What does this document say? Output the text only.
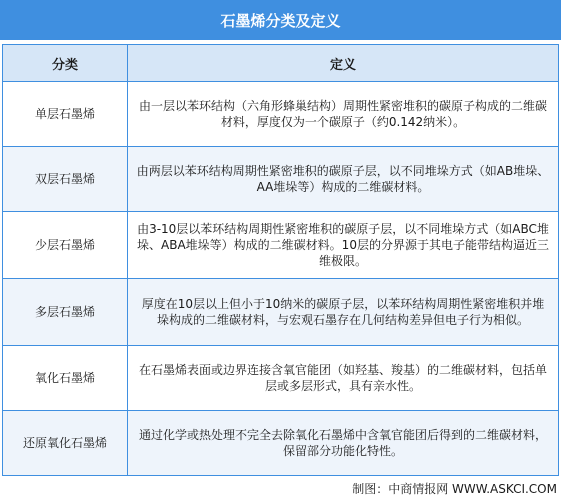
石墨烯分类及定义
分类	定义
单层石墨烯	由一层以苯环结构（六角形蜂巢结构）周期性紧密堆积的碳原子构成的二维碳材料，厚度仅为一个碳原子（约0.142纳米）。
双层石墨烯	由两层以苯环结构周期性紧密堆积的碳原子层，以不同堆垛方式（如AB堆垛、AA堆垛等）构成的二维碳材料。
少层石墨烯	由3-10层以苯环结构周期性紧密堆积的碳原子层，以不同堆垛方式（如ABC堆垛、ABA堆垛等）构成的二维碳材料。10层的分界源于其电子能带结构逼近三维极限。
多层石墨烯	厚度在10层以上但小于10纳米的碳原子层，以苯环结构周期性紧密堆积并堆垛构成的二维碳材料，与宏观石墨存在几何结构差异但电子行为相似。
氧化石墨烯	在石墨烯表面或边界连接含氧官能团（如羟基、羧基）的二维碳材料，包括单层或多层形式，具有亲水性。
还原氧化石墨烯	通过化学或热处理不完全去除氧化石墨烯中含氧官能团后得到的二维碳材料，保留部分功能化特性。
制图：中商情报网 WWW.ASKCI.COM
